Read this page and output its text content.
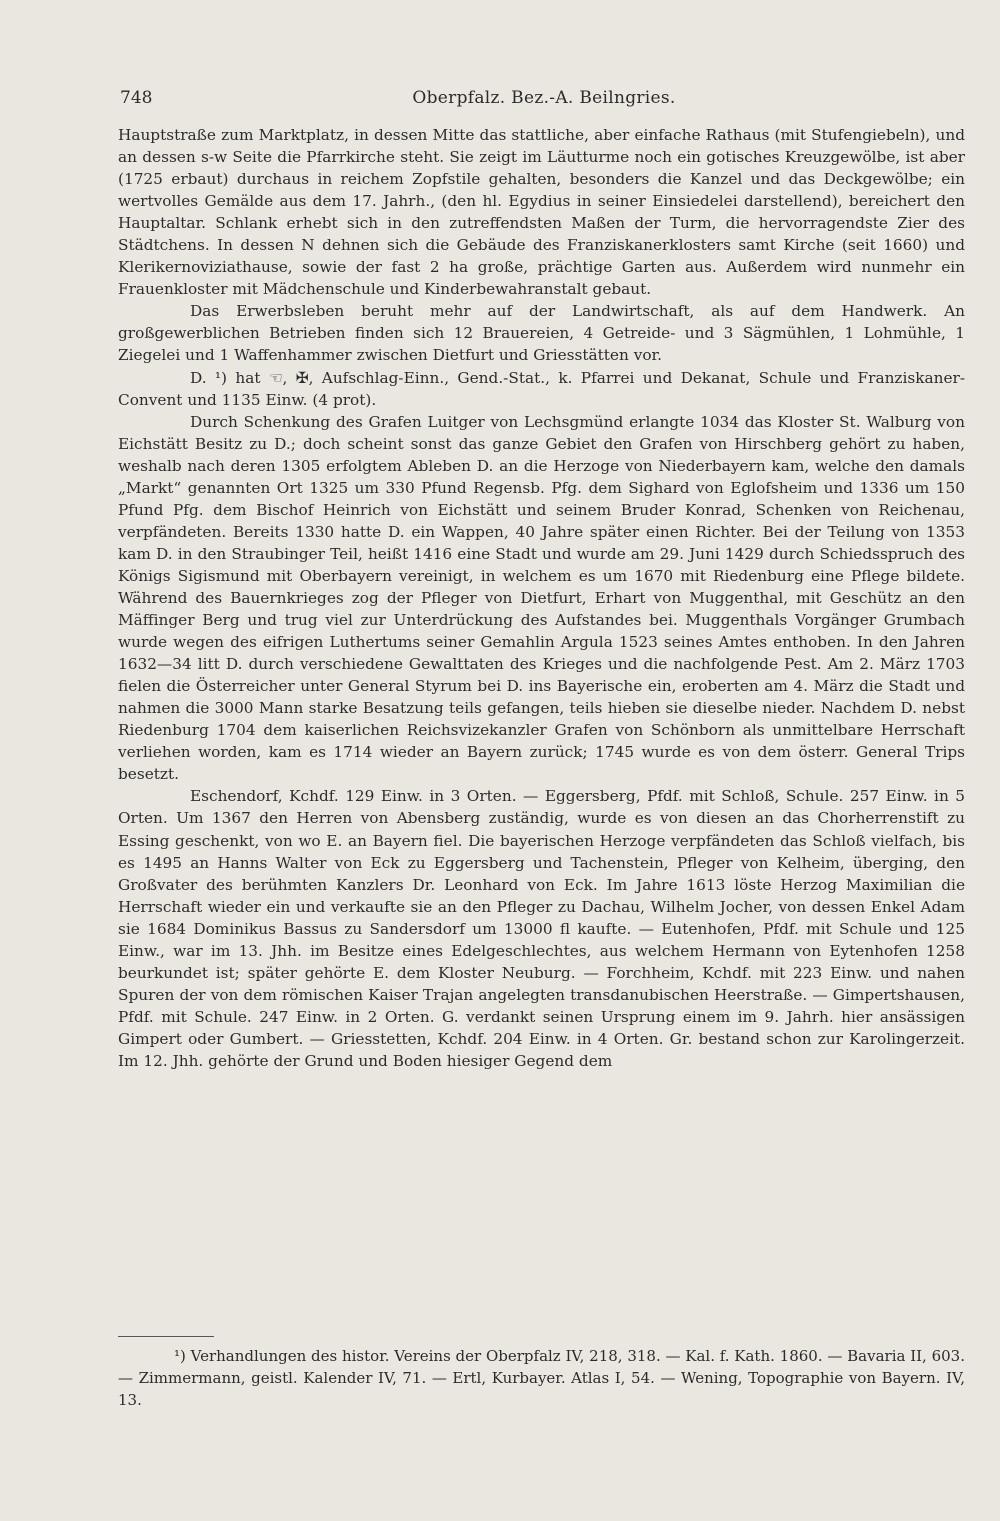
748	Oberpfalz. Bez.-A. Beilngries.

Hauptstraße zum Marktplatz, in dessen Mitte das stattliche, aber einfache Rathaus (mit Stufengiebeln), und an dessen s-w Seite die Pfarrkirche steht. Sie zeigt im Läutturme noch ein gotisches Kreuzgewölbe, ist aber (1725 erbaut) durchaus in reichem Zopfstile gehalten, besonders die Kanzel und das Deckgewölbe; ein wertvolles Gemälde aus dem 17. Jahrh., (den hl. Egydius in seiner Einsiedelei darstellend), bereichert den Hauptaltar. Schlank erhebt sich in den zutreffendsten Maßen der Turm, die hervorragendste Zier des Städtchens. In dessen N dehnen sich die Gebäude des Franziskanerklosters samt Kirche (seit 1660) und Klerikernoviziathause, sowie der fast 2 ha große, prächtige Garten aus. Außerdem wird nunmehr ein Frauenkloster mit Mädchenschule und Kinderbewahranstalt gebaut.

Das Erwerbsleben beruht mehr auf der Landwirtschaft, als auf dem Handwerk. An großgewerblichen Betrieben finden sich 12 Brauereien, 4 Getreide- und 3 Sägmühlen, 1 Lohmühle, 1 Ziegelei und 1 Waffenhammer zwischen Dietfurt und Griesstätten vor.

D. ¹) hat ☜, ✠, Aufschlag-Einn., Gend.-Stat., k. Pfarrei und Dekanat, Schule und Franziskaner-Convent und 1135 Einw. (4 prot).

Durch Schenkung des Grafen Luitger von Lechsgmünd erlangte 1034 das Kloster St. Walburg von Eichstätt Besitz zu D.; doch scheint sonst das ganze Gebiet den Grafen von Hirschberg gehört zu haben, weshalb nach deren 1305 erfolgtem Ableben D. an die Herzoge von Niederbayern kam, welche den damals „Markt“ genannten Ort 1325 um 330 Pfund Regensb. Pfg. dem Sighard von Eglofsheim und 1336 um 150 Pfund Pfg. dem Bischof Heinrich von Eichstätt und seinem Bruder Konrad, Schenken von Reichenau, verpfändeten. Bereits 1330 hatte D. ein Wappen, 40 Jahre später einen Richter. Bei der Teilung von 1353 kam D. in den Straubinger Teil, heißt 1416 eine Stadt und wurde am 29. Juni 1429 durch Schiedsspruch des Königs Sigismund mit Oberbayern vereinigt, in welchem es um 1670 mit Riedenburg eine Pflege bildete. Während des Bauernkrieges zog der Pfleger von Dietfurt, Erhart von Muggenthal, mit Geschütz an den Mäffinger Berg und trug viel zur Unterdrückung des Aufstandes bei. Muggenthals Vorgänger Grumbach wurde wegen des eifrigen Luthertums seiner Gemahlin Argula 1523 seines Amtes enthoben. In den Jahren 1632—34 litt D. durch verschiedene Gewalttaten des Krieges und die nachfolgende Pest. Am 2. März 1703 fielen die Österreicher unter General Styrum bei D. ins Bayerische ein, eroberten am 4. März die Stadt und nahmen die 3000 Mann starke Besatzung teils gefangen, teils hieben sie dieselbe nieder. Nachdem D. nebst Riedenburg 1704 dem kaiserlichen Reichsvizekanzler Grafen von Schönborn als unmittelbare Herrschaft verliehen worden, kam es 1714 wieder an Bayern zurück; 1745 wurde es von dem österr. General Trips besetzt.

Eschendorf, Kchdf. 129 Einw. in 3 Orten. — Eggersberg, Pfdf. mit Schloß, Schule. 257 Einw. in 5 Orten. Um 1367 den Herren von Abensberg zuständig, wurde es von diesen an das Chorherrenstift zu Essing geschenkt, von wo E. an Bayern fiel. Die bayerischen Herzoge verpfändeten das Schloß vielfach, bis es 1495 an Hanns Walter von Eck zu Eggersberg und Tachenstein, Pfleger von Kelheim, überging, den Großvater des berühmten Kanzlers Dr. Leonhard von Eck. Im Jahre 1613 löste Herzog Maximilian die Herrschaft wieder ein und verkaufte sie an den Pfleger zu Dachau, Wilhelm Jocher, von dessen Enkel Adam sie 1684 Dominikus Bassus zu Sandersdorf um 13000 fl kaufte. — Eutenhofen, Pfdf. mit Schule und 125 Einw., war im 13. Jhh. im Besitze eines Edelgeschlechtes, aus welchem Hermann von Eytenhofen 1258 beurkundet ist; später gehörte E. dem Kloster Neuburg. — Forchheim, Kchdf. mit 223 Einw. und nahen Spuren der von dem römischen Kaiser Trajan angelegten transdanubischen Heerstraße. — Gimpertshausen, Pfdf. mit Schule. 247 Einw. in 2 Orten. G. verdankt seinen Ursprung einem im 9. Jahrh. hier ansässigen Gimpert oder Gumbert. — Griesstetten, Kchdf. 204 Einw. in 4 Orten. Gr. bestand schon zur Karolingerzeit. Im 12. Jhh. gehörte der Grund und Boden hiesiger Gegend dem

¹) Verhandlungen des histor. Vereins der Oberpfalz IV, 218, 318. — Kal. f. Kath. 1860. — Bavaria II, 603. — Zimmermann, geistl. Kalender IV, 71. — Ertl, Kurbayer. Atlas I, 54. — Wening, Topographie von Bayern. IV, 13.
